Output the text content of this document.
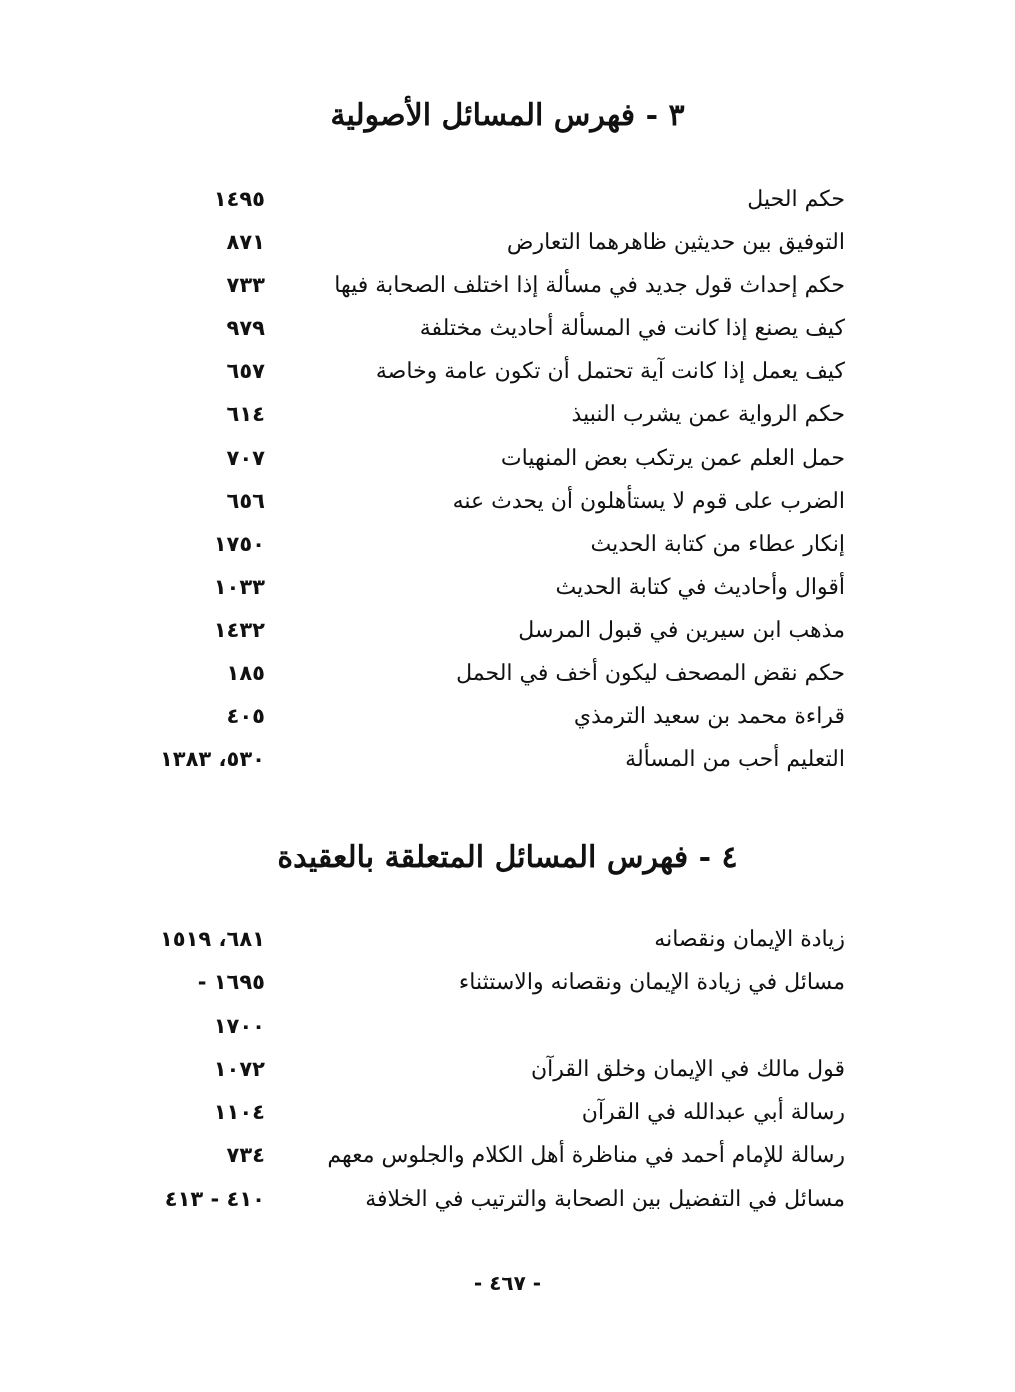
٣ - فهرس المسائل الأصولية
حكم الحيل
١٤٩٥
التوفيق بين حديثين ظاهرهما التعارض
٨٧١
حكم إحداث قول جديد في مسألة إذا اختلف الصحابة فيها
٧٣٣
كيف يصنع إذا كانت في المسألة أحاديث مختلفة
٩٧٩
كيف يعمل إذا كانت آية تحتمل أن تكون عامة وخاصة
٦٥٧
حكم الرواية عمن يشرب النبيذ
٦١٤
حمل العلم عمن يرتكب بعض المنهيات
٧٠٧
الضرب على قوم لا يستأهلون أن يحدث عنه
٦٥٦
إنكار عطاء من كتابة الحديث
١٧٥٠
أقوال وأحاديث في كتابة الحديث
١٠٣٣
مذهب ابن سيرين في قبول المرسل
١٤٣٢
حكم نقض المصحف ليكون أخف في الحمل
١٨٥
قراءة محمد بن سعيد الترمذي
٤٠٥
التعليم أحب من المسألة
٥٣٠، ١٣٨٣
٤ - فهرس المسائل المتعلقة بالعقيدة
زيادة الإيمان ونقصانه
٦٨١، ١٥١٩
مسائل في زيادة الإيمان ونقصانه والاستثناء
١٦٩٥ -
١٧٠٠
قول مالك في الإيمان وخلق القرآن
١٠٧٢
رسالة أبي عبدالله في القرآن
١١٠٤
رسالة للإمام أحمد في مناظرة أهل الكلام والجلوس معهم
٧٣٤
مسائل في التفضيل بين الصحابة والترتيب في الخلافة
٤١٠ - ٤١٣
- ٤٦٧ -
